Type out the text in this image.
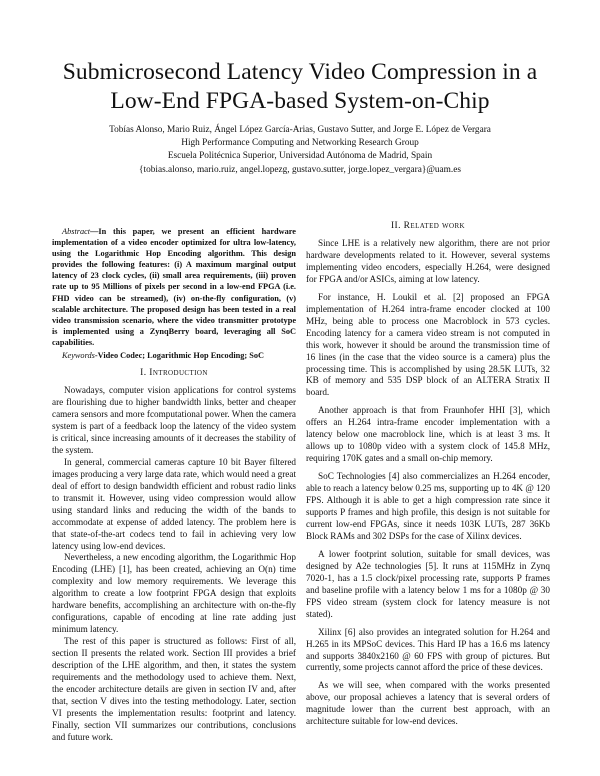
Submicrosecond Latency Video Compression in a
Low-End FPGA-based System-on-Chip
Tobías Alonso, Mario Ruiz, Ángel López García-Arias, Gustavo Sutter, and Jorge E. López de Vergara
High Performance Computing and Networking Research Group
Escuela Politécnica Superior, Universidad Autónoma de Madrid, Spain
{tobias.alonso, mario.ruiz, angel.lopezg, gustavo.sutter, jorge.lopez_vergara}@uam.es

Abstract—In this paper, we present an efficient hardware implementation of a video encoder optimized for ultra low-latency, using the Logarithmic Hop Encoding algorithm. This design provides the following features: (i) A maximum marginal output latency of 23 clock cycles, (ii) small area requirements, (iii) proven rate up to 95 Millions of pixels per second in a low-end FPGA (i.e. FHD video can be streamed), (iv) on-the-fly configuration, (v) scalable architecture. The proposed design has been tested in a real video transmission scenario, where the video transmitter prototype is implemented using a ZynqBerry board, leveraging all SoC capabilities.

Keywords-Video Codec; Logarithmic Hop Encoding; SoC

I. Introduction

Nowadays, computer vision applications for control systems are flourishing due to higher bandwidth links, better and cheaper camera sensors and more fcomputational power. When the camera system is part of a feedback loop the latency of the video system is critical, since increasing amounts of it decreases the stability of the system.

In general, commercial cameras capture 10 bit Bayer filtered images producing a very large data rate, which would need a great deal of effort to design bandwidth efficient and robust radio links to transmit it. However, using video compression would allow using standard links and reducing the width of the bands to accommodate at expense of added latency. The problem here is that state-of-the-art codecs tend to fail in achieving very low latency using low-end devices.

Nevertheless, a new encoding algorithm, the Logarithmic Hop Encoding (LHE) [1], has been created, achieving an O(n) time complexity and low memory requirements. We leverage this algorithm to create a low footprint FPGA design that exploits hardware benefits, accomplishing an architecture with on-the-fly configurations, capable of encoding at line rate adding just minimum latency.

The rest of this paper is structured as follows: First of all, section II presents the related work. Section III provides a brief description of the LHE algorithm, and then, it states the system requirements and the methodology used to achieve them. Next, the encoder architecture details are given in section IV and, after that, section V dives into the testing methodology. Later, section VI presents the implementation results: footprint and latency. Finally, section VII summarizes our contributions, conclusions and future work.

II. Related work

Since LHE is a relatively new algorithm, there are not prior hardware developments related to it. However, several systems implementing video encoders, especially H.264, were designed for FPGA and/or ASICs, aiming at low latency.

For instance, H. Loukil et al. [2] proposed an FPGA implementation of H.264 intra-frame encoder clocked at 100 MHz, being able to process one Macroblock in 573 cycles. Encoding latency for a camera video stream is not computed in this work, however it should be around the transmission time of 16 lines (in the case that the video source is a camera) plus the processing time. This is accomplished by using 28.5K LUTs, 32 KB of memory and 535 DSP block of an ALTERA Stratix II board.

Another approach is that from Fraunhofer HHI [3], which offers an H.264 intra-frame encoder implementation with a latency below one macroblock line, which is at least 3 ms. It allows up to 1080p video with a system clock of 145.8 MHz, requiring 170K gates and a small on-chip memory.

SoC Technologies [4] also commercializes an H.264 encoder, able to reach a latency below 0.25 ms, supporting up to 4K @ 120 FPS. Although it is able to get a high compression rate since it supports P frames and high profile, this design is not suitable for current low-end FPGAs, since it needs 103K LUTs, 287 36Kb Block RAMs and 302 DSPs for the case of Xilinx devices.

A lower footprint solution, suitable for small devices, was designed by A2e technologies [5]. It runs at 115MHz in Zynq 7020-1, has a 1.5 clock/pixel processing rate, supports P frames and baseline profile with a latency below 1 ms for a 1080p @ 30 FPS video stream (system clock for latency measure is not stated).

Xilinx [6] also provides an integrated solution for H.264 and H.265 in its MPSoC devices. This Hard IP has a 16.6 ms latency and supports 3840x2160 @ 60 FPS with group of pictures. But currently, some projects cannot afford the price of these devices.

As we will see, when compared with the works presented above, our proposal achieves a latency that is several orders of magnitude lower than the current best approach, with an architecture suitable for low-end devices.
